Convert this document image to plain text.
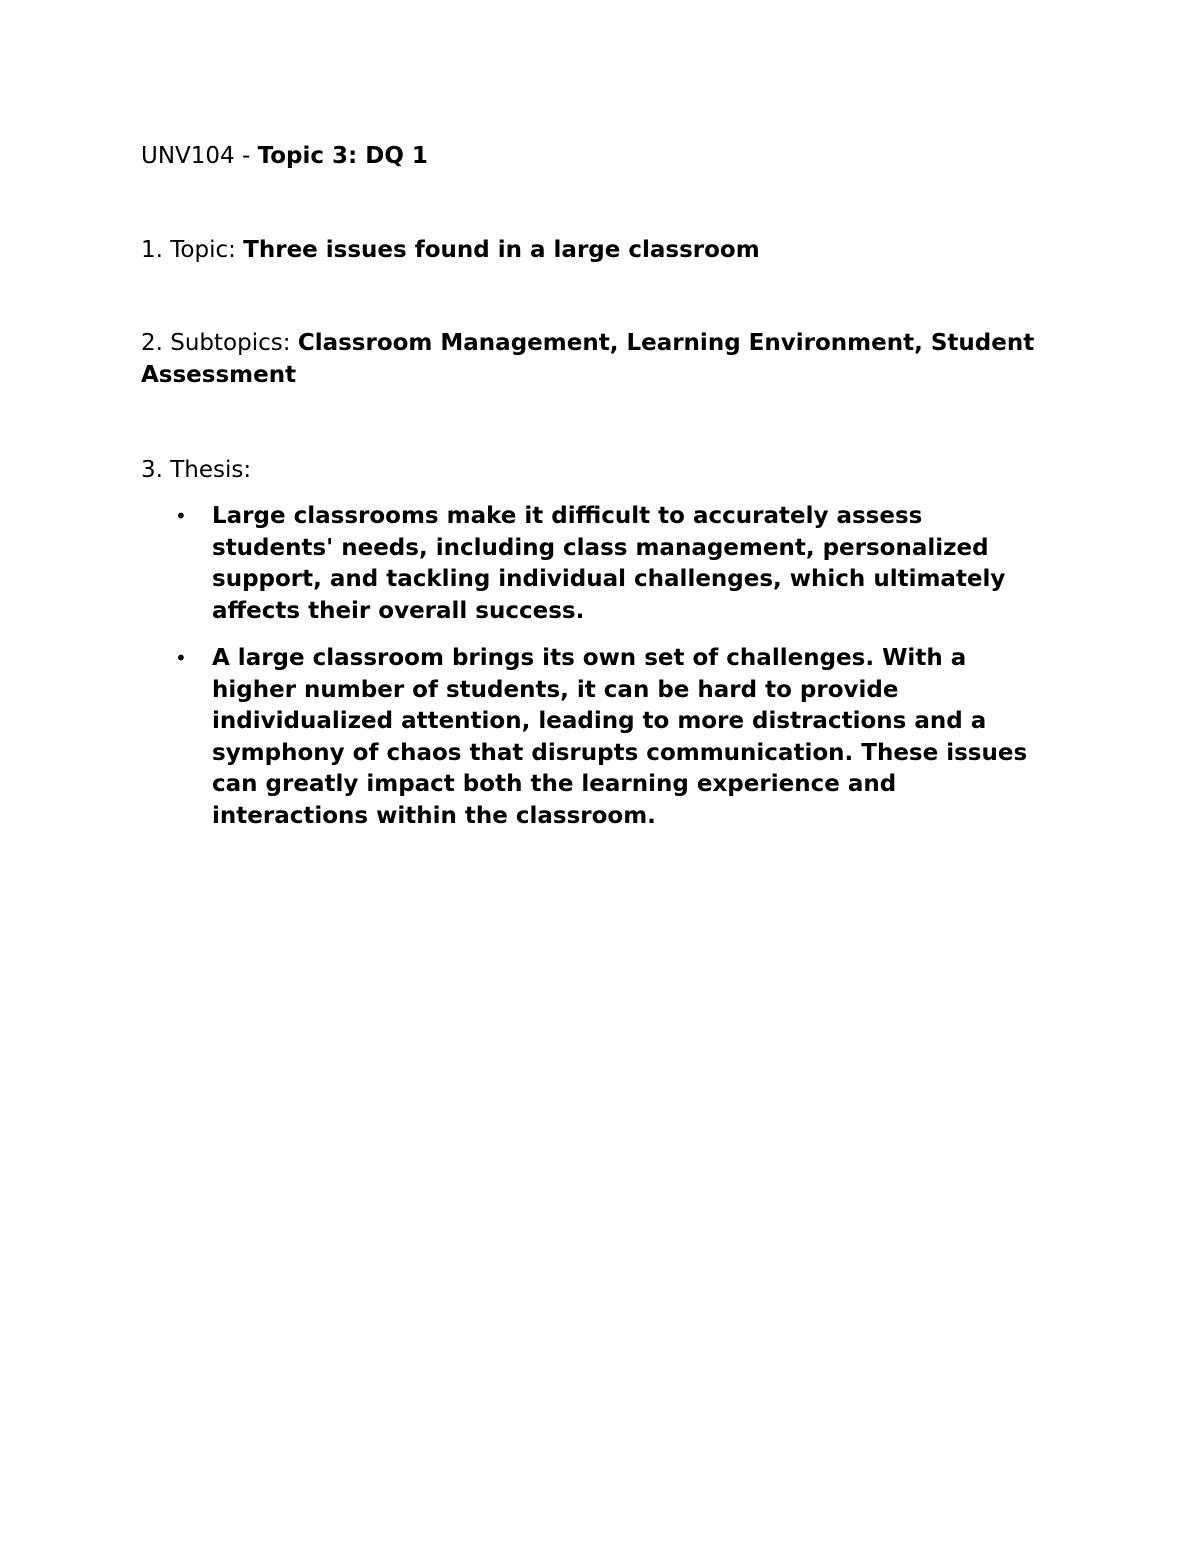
UNV104 - Topic 3: DQ 1
1. Topic: Three issues found in a large classroom
2. Subtopics: Classroom Management, Learning Environment, Student Assessment
3. Thesis:
• Large classrooms make it difficult to accurately assess students' needs, including class management, personalized support, and tackling individual challenges, which ultimately affects their overall success.
• A large classroom brings its own set of challenges. With a higher number of students, it can be hard to provide individualized attention, leading to more distractions and a symphony of chaos that disrupts communication. These issues can greatly impact both the learning experience and interactions within the classroom.
